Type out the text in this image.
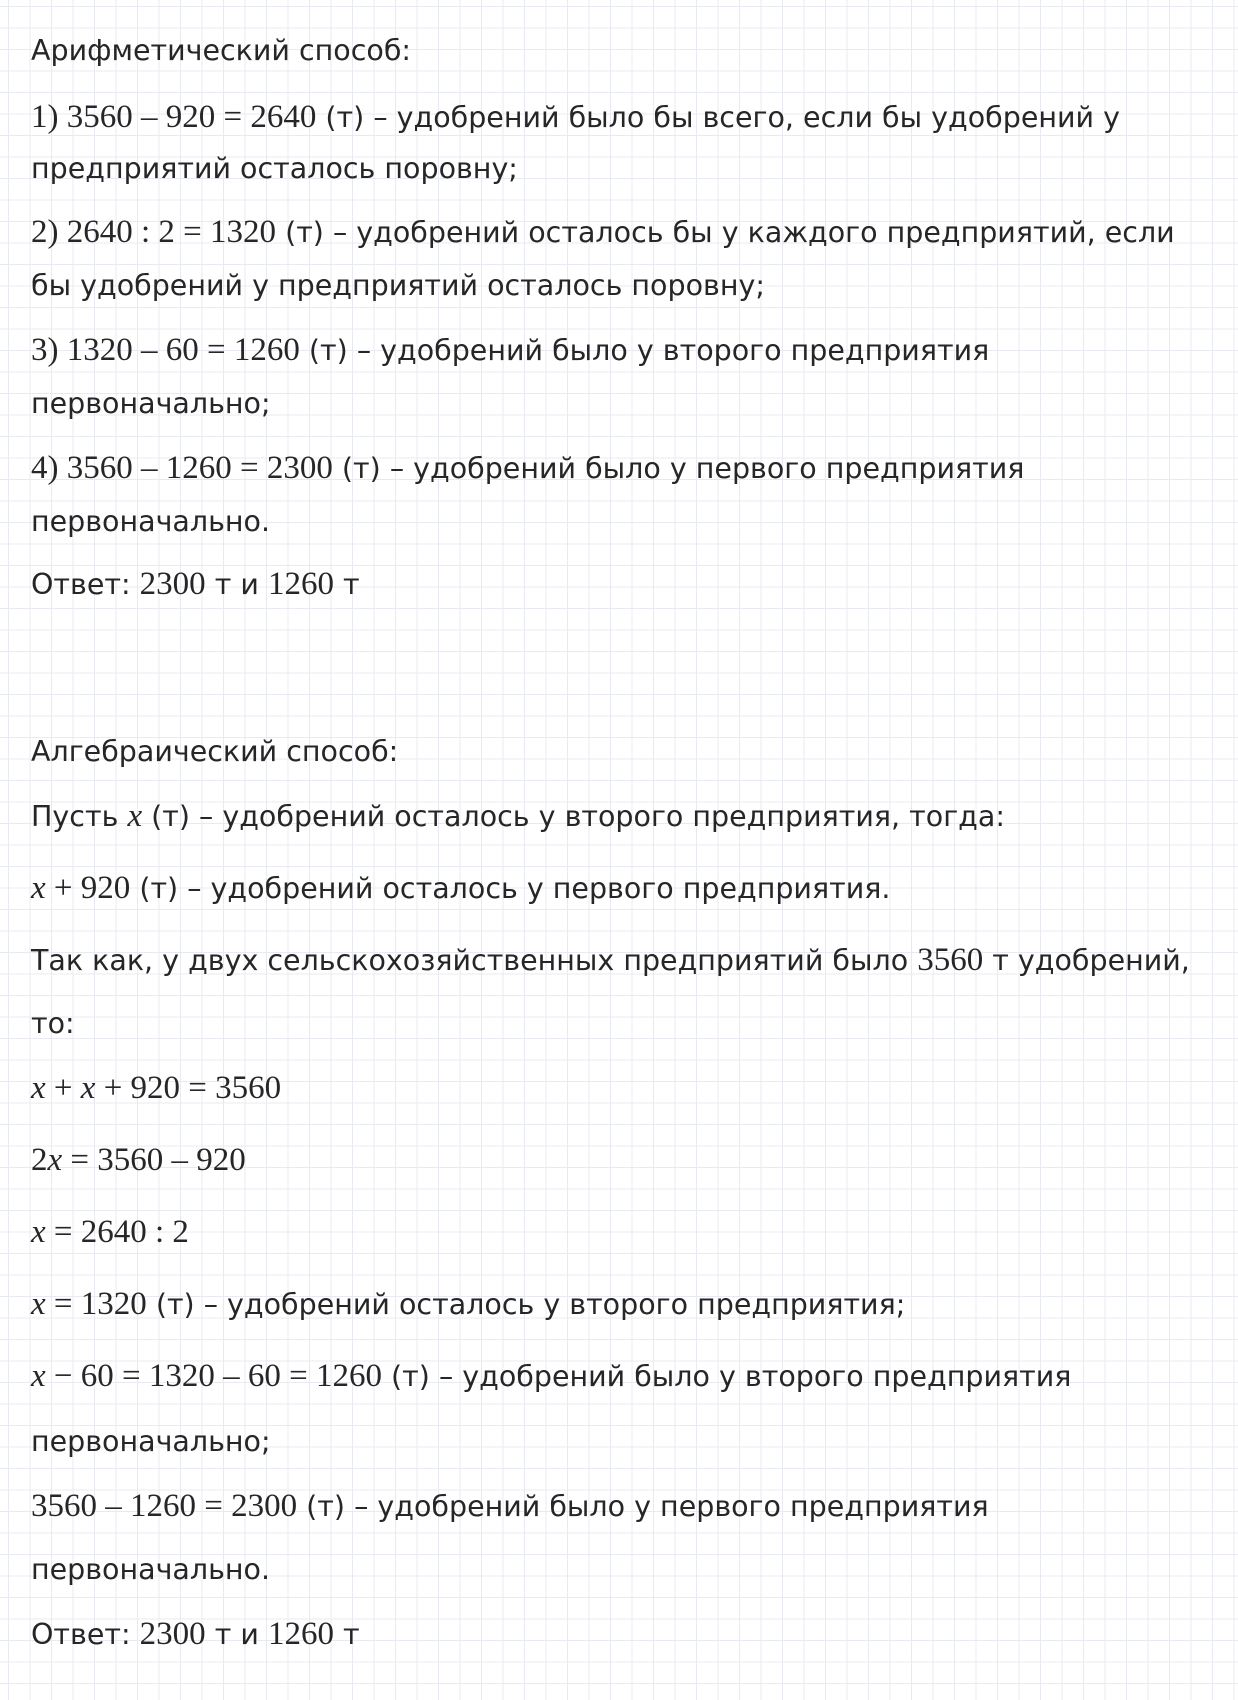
Арифметический способ:
1) 3560 – 920 = 2640 (т) – удобрений было бы всего, если бы удобрений у
предприятий осталось поровну;
2) 2640 : 2 = 1320 (т) – удобрений осталось бы у каждого предприятий, если
бы удобрений у предприятий осталось поровну;
3) 1320 – 60 = 1260 (т) – удобрений было у второго предприятия
первоначально;
4) 3560 – 1260 = 2300 (т) – удобрений было у первого предприятия
первоначально.
Ответ: 2300 т и 1260 т
Алгебраический способ:
Пусть x (т) – удобрений осталось у второго предприятия, тогда:
x + 920 (т) – удобрений осталось у первого предприятия.
Так как, у двух сельскохозяйственных предприятий было 3560 т удобрений,
то:
x + x + 920 = 3560
2x = 3560 – 920
x = 2640 : 2
x = 1320 (т) – удобрений осталось у второго предприятия;
x − 60 = 1320 – 60 = 1260 (т) – удобрений было у второго предприятия
первоначально;
3560 – 1260 = 2300 (т) – удобрений было у первого предприятия
первоначально.
Ответ: 2300 т и 1260 т
